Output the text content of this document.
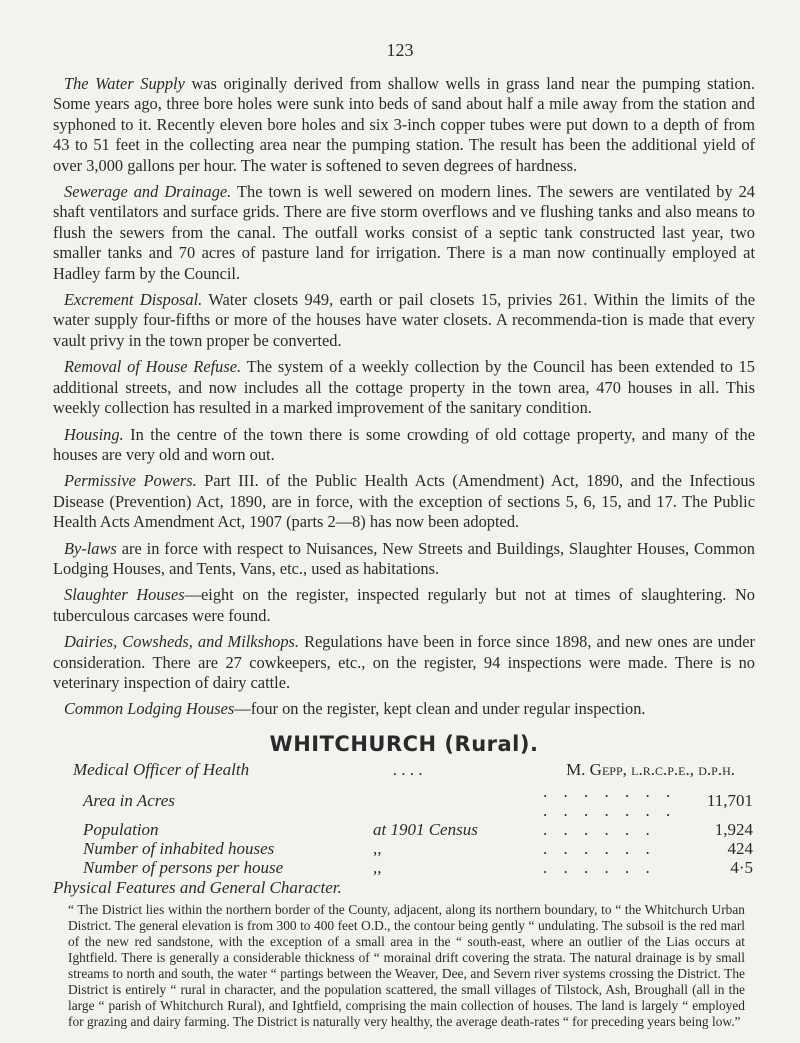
123

The Water Supply was originally derived from shallow wells in grass land near the pumping station. Some years ago, three bore holes were sunk into beds of sand about half a mile away from the station and syphoned to it. Recently eleven bore holes and six 3-inch copper tubes were put down to a depth of from 43 to 51 feet in the collecting area near the pumping station. The result has been the additional yield of over 3,000 gallons per hour. The water is softened to seven degrees of hardness.

Sewerage and Drainage. The town is well sewered on modern lines. The sewers are ventilated by 24 shaft ventilators and surface grids. There are five storm overflows and ve flushing tanks and also means to flush the sewers from the canal. The outfall works consist of a septic tank constructed last year, two smaller tanks and 70 acres of pasture land for irrigation. There is a man now continually employed at Hadley farm by the Council.

Excrement Disposal. Water closets 949, earth or pail closets 15, privies 261. Within the limits of the water supply four-fifths or more of the houses have water closets. A recommenda-tion is made that every vault privy in the town proper be converted.

Removal of House Refuse. The system of a weekly collection by the Council has been extended to 15 additional streets, and now includes all the cottage property in the town area, 470 houses in all. This weekly collection has resulted in a marked improvement of the sanitary condition.

Housing. In the centre of the town there is some crowding of old cottage property, and many of the houses are very old and worn out.

Permissive Powers. Part III. of the Public Health Acts (Amendment) Act, 1890, and the Infectious Disease (Prevention) Act, 1890, are in force, with the exception of sections 5, 6, 15, and 17. The Public Health Acts Amendment Act, 1907 (parts 2—8) has now been adopted.

By-laws are in force with respect to Nuisances, New Streets and Buildings, Slaughter Houses, Common Lodging Houses, and Tents, Vans, etc., used as habitations.

Slaughter Houses—eight on the register, inspected regularly but not at times of slaughtering. No tuberculous carcases were found.

Dairies, Cowsheds, and Milkshops. Regulations have been in force since 1898, and new ones are under consideration. There are 27 cowkeepers, etc., on the register, 94 inspections were made. There is no veterinary inspection of dairy cattle.

Common Lodging Houses—four on the register, kept clean and under regular inspection.

WHITCHURCH (Rural).
Medical Officer of Health	. . . .	M. Gepp, l.r.c.p.e., d.p.h.
Area in Acres		. . . . . . . . . . . . . .	11,701
Population	at 1901 Census	. . . . . .	1,924
Number of inhabited houses	,,	. . . . . .	424
Number of persons per house	,,	. . . . . .	4·5
Physical Features and General Character.
“ The District lies within the northern border of the County, adjacent, along its northern boundary, to “ the Whitchurch Urban District. The general elevation is from 300 to 400 feet O.D., the contour being gently “ undulating. The subsoil is the red marl of the new red sandstone, with the exception of a small area in the “ south-east, where an outlier of the Lias occurs at Ightfield. There is generally a considerable thickness of “ morainal drift covering the strata. The natural drainage is by small streams to north and south, the water “ partings between the Weaver, Dee, and Severn river systems crossing the District. The District is entirely “ rural in character, and the population scattered, the small villages of Tilstock, Ash, Broughall (all in the large “ parish of Whitchurch Rural), and Ightfield, comprising the main collection of houses. The land is largely “ employed for grazing and dairy farming. The District is naturally very healthy, the average death-rates “ for preceding years being low.”
